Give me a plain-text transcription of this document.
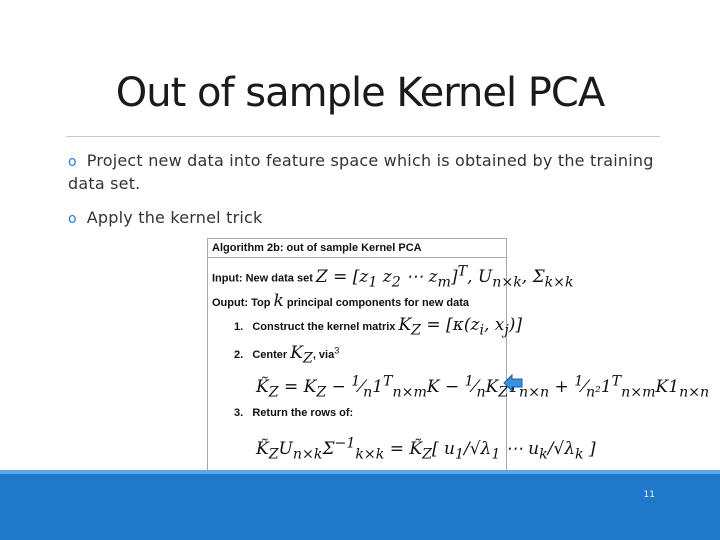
Out of sample Kernel PCA
o Project new data into feature space which is obtained by the training data set.
o Apply the kernel trick
Algorithm 2b: out of sample Kernel PCA
Input: New data set $Z = [z_1$ $z_2$ ⋯ $z_m]^T$, $U_{n\times k}$, $\Sigma_{k\times k}$
Ouput: Top k principal components for new data
1. Construct the kernel matrix $K_Z = [\kappa(z_i$, $x_j$)]
2. Center $K_Z$, via$^3$
$K̃_Z = K_Z$ − $^1⁄_n1^T_{n\times m}K$ − $^1⁄_nK_Z$ $_{n\times n} + ^1⁄_{n^2}1^T_{n\times m}K1_{n\times n}$
3. Return the rows of:
$K̃_ZU_{n\times k}\Sigma^{-1}_{k\times k}$ = $K̃_Z$[ $u_1/√\lambda_1$ ⋯ $u_k/√\lambda_k$ ]
11
